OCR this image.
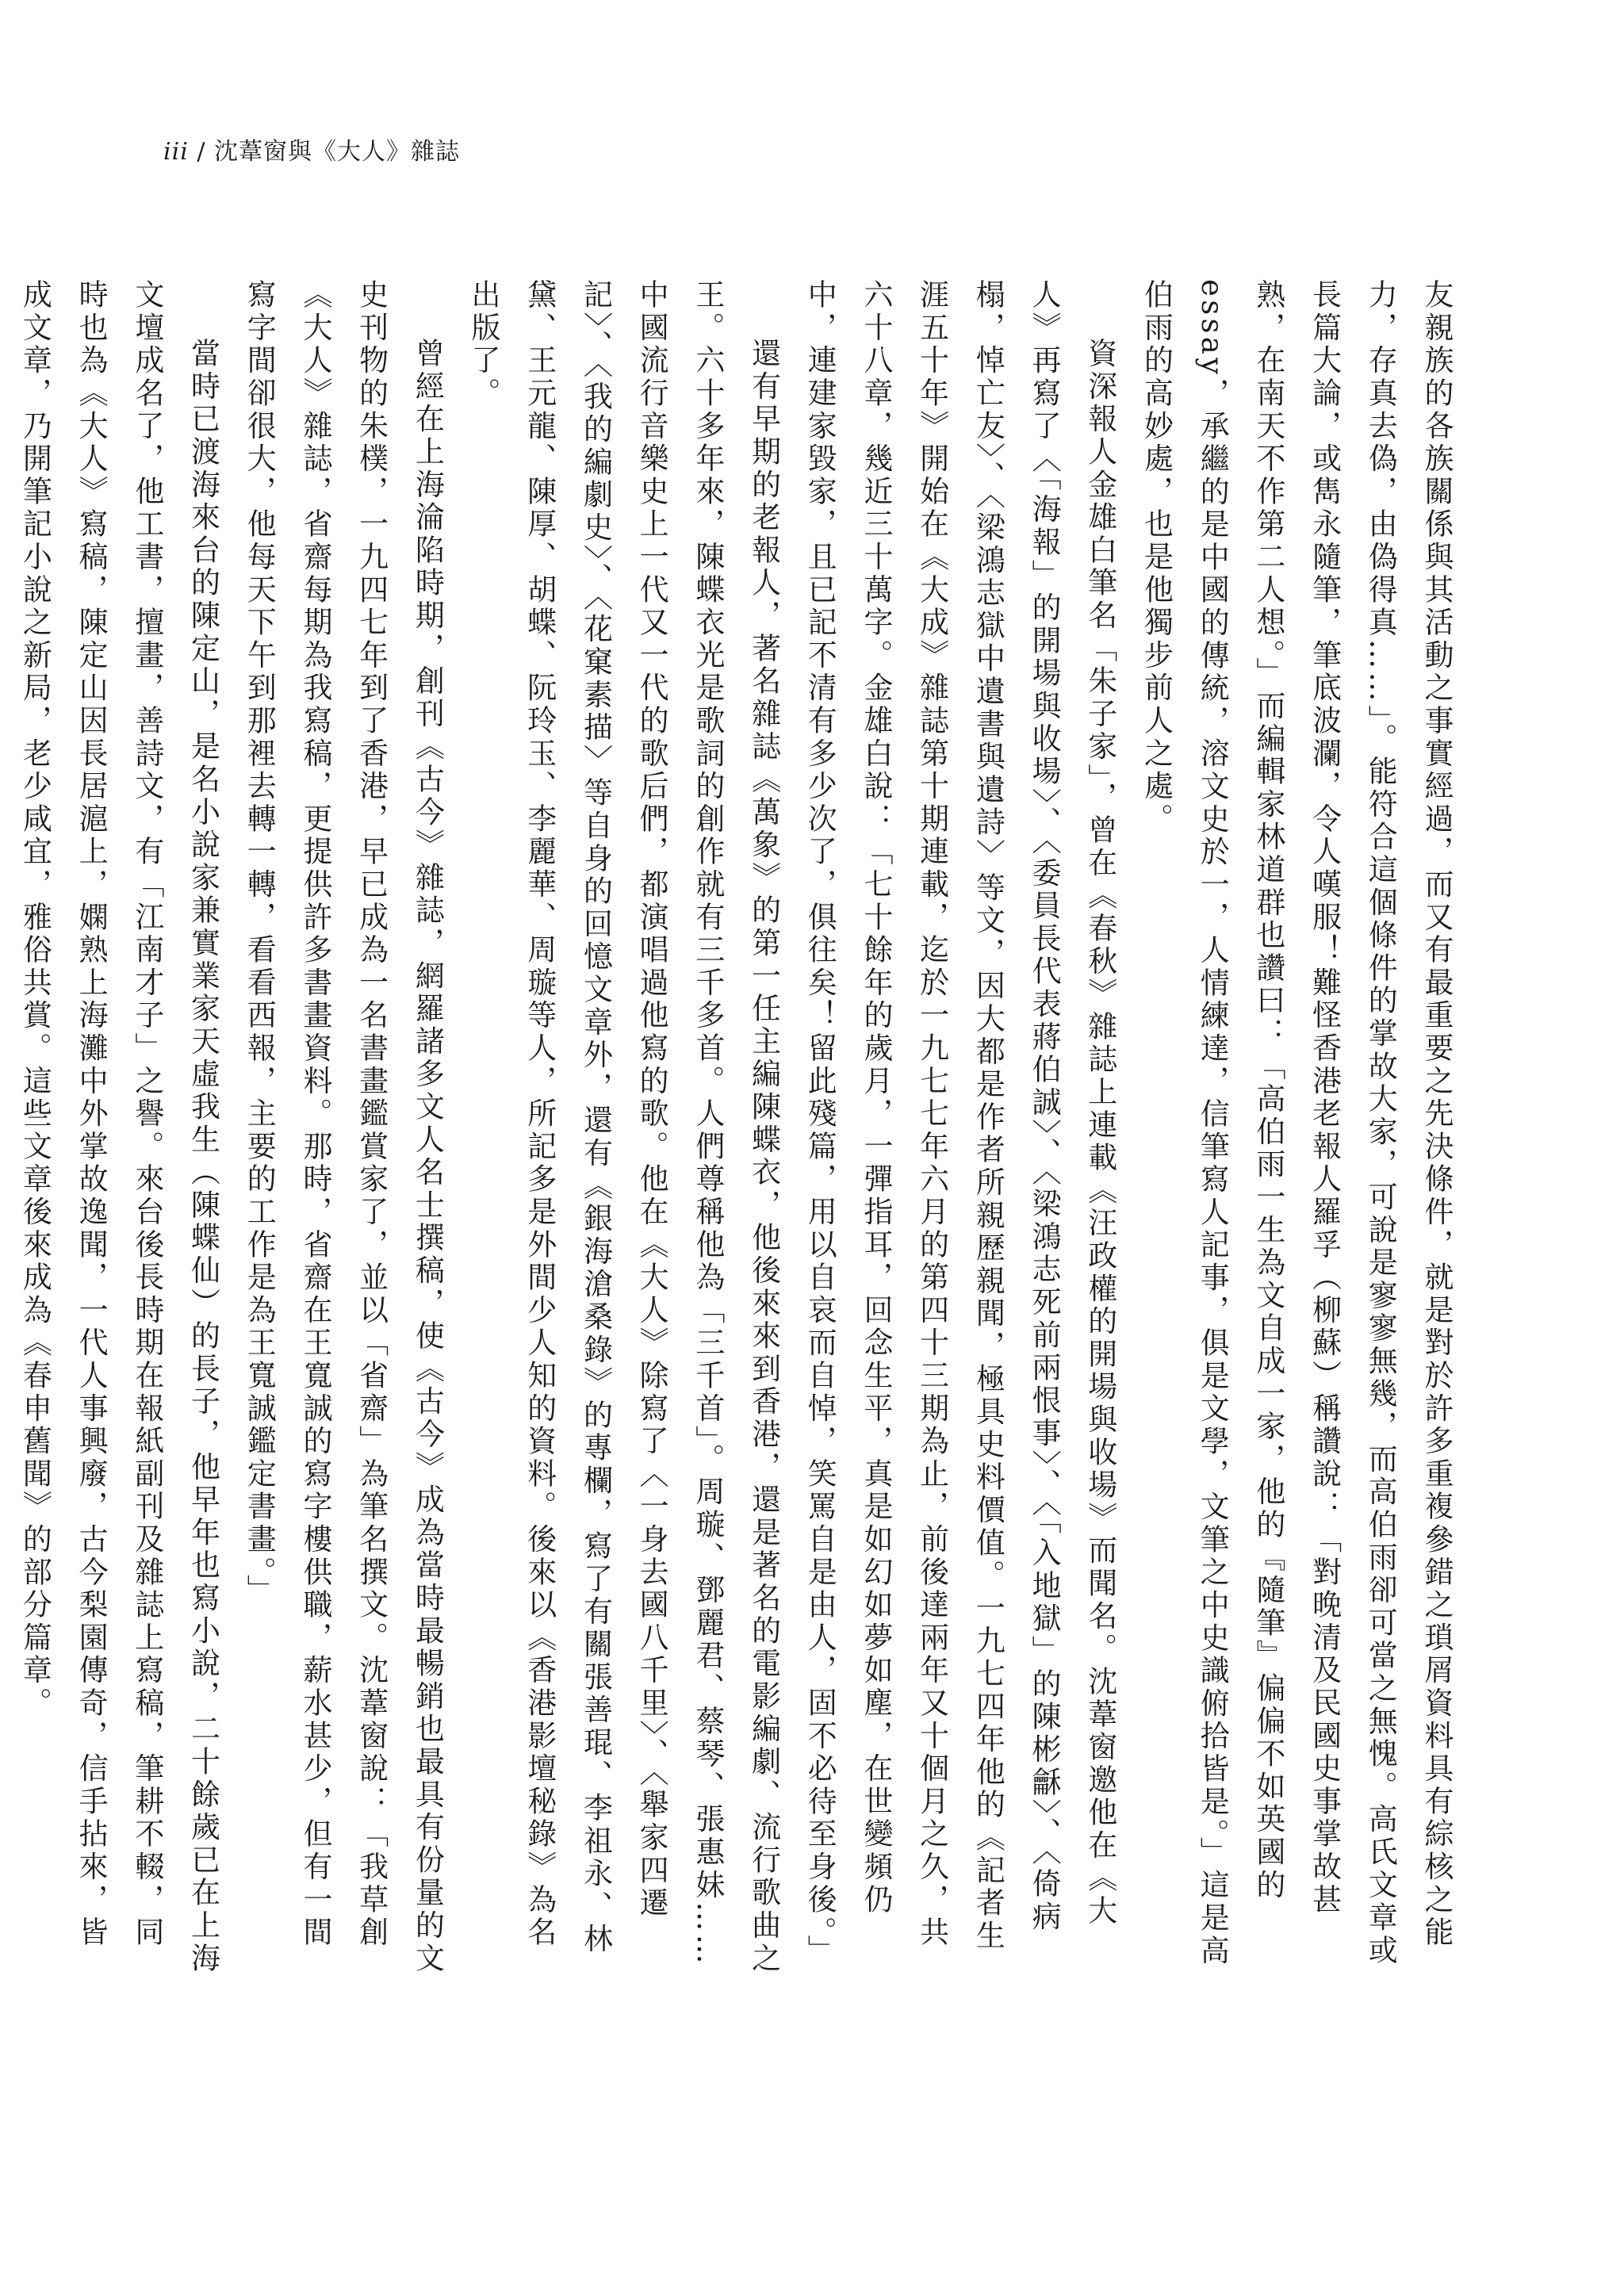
iii / 沈葦窗與《大人》雜誌

友親族的各族關係與其活動之事實經過，而又有最重要之先決條件，就是對於許多重複參錯之瑣屑資料具有綜核之能力，存真去偽，由偽得真……」。能符合這個條件的掌故大家，可說是寥寥無幾，而高伯雨卻可當之無愧。高氏文章或長篇大論，或雋永隨筆，筆底波瀾，令人嘆服！難怪香港老報人羅孚（柳蘇）稱讚說：「對晚清及民國史事掌故甚熟，在南天不作第二人想。」而編輯家林道群也讚曰：「高伯雨一生為文自成一家，他的『隨筆』偏偏不如英國的essay，承繼的是中國的傳統，溶文史於一，人情練達，信筆寫人記事，俱是文學，文筆之中史識俯拾皆是。」這是高伯雨的高妙處，也是他獨步前人之處。

資深報人金雄白筆名「朱子家」，曾在《春秋》雜誌上連載《汪政權的開場與收場》而聞名。沈葦窗邀他在《大人》再寫了〈「海報」的開場與收場〉、〈委員長代表蔣伯誠〉、〈梁鴻志死前兩恨事〉、〈「入地獄」的陳彬龢〉、〈倚病榻，悼亡友〉、〈梁鴻志獄中遺書與遺詩〉等文，因大都是作者所親歷親聞，極具史料價值。一九七四年他的《記者生涯五十年》開始在《大成》雜誌第十期連載，迄於一九七七年六月的第四十三期為止，前後達兩年又十個月之久，共六十八章，幾近三十萬字。金雄白說：「七十餘年的歲月，一彈指耳，回念生平，真是如幻如夢如塵，在世變頻仍中，連建家毀家，且已記不清有多少次了，俱往矣！留此殘篇，用以自哀而自悼，笑罵自是由人，固不必待至身後。」

還有早期的老報人，著名雜誌《萬象》的第一任主編陳蝶衣，他後來來到香港，還是著名的電影編劇、流行歌曲之王。六十多年來，陳蝶衣光是歌詞的創作就有三千多首。人們尊稱他為「三千首」。周璇、鄧麗君、蔡琴、張惠妹……中國流行音樂史上一代又一代的歌后們，都演唱過他寫的歌。他在《大人》除寫了〈一身去國八千里〉、〈舉家四遷記〉、〈我的編劇史〉、〈花窠素描〉等自身的回憶文章外，還有《銀海滄桑錄》的專欄，寫了有關張善琨、李祖永、林黛、王元龍、陳厚、胡蝶、阮玲玉、李麗華、周璇等人，所記多是外間少人知的資料。後來以《香港影壇秘錄》為名出版了。

曾經在上海淪陷時期，創刊《古今》雜誌，網羅諸多文人名士撰稿，使《古今》成為當時最暢銷也最具有份量的文史刊物的朱樸，一九四七年到了香港，早已成為一名書畫鑑賞家了，並以「省齋」為筆名撰文。沈葦窗說：「我草創《大人》雜誌，省齋每期為我寫稿，更提供許多書畫資料。那時，省齋在王寬誠的寫字樓供職，薪水甚少，但有一間寫字間卻很大，他每天下午到那裡去轉一轉，看看西報，主要的工作是為王寬誠鑑定書畫。」

當時已渡海來台的陳定山，是名小說家兼實業家天虛我生（陳蝶仙）的長子，他早年也寫小說，二十餘歲已在上海文壇成名了，他工書，擅畫，善詩文，有「江南才子」之譽。來台後長時期在報紙副刊及雜誌上寫稿，筆耕不輟，同時也為《大人》寫稿，陳定山因長居滬上，嫻熟上海灘中外掌故逸聞，一代人事興廢，古今梨園傳奇，信手拈來，皆成文章，乃開筆記小說之新局，老少咸宜，雅俗共賞。這些文章後來成為《春申舊聞》的部分篇章。
